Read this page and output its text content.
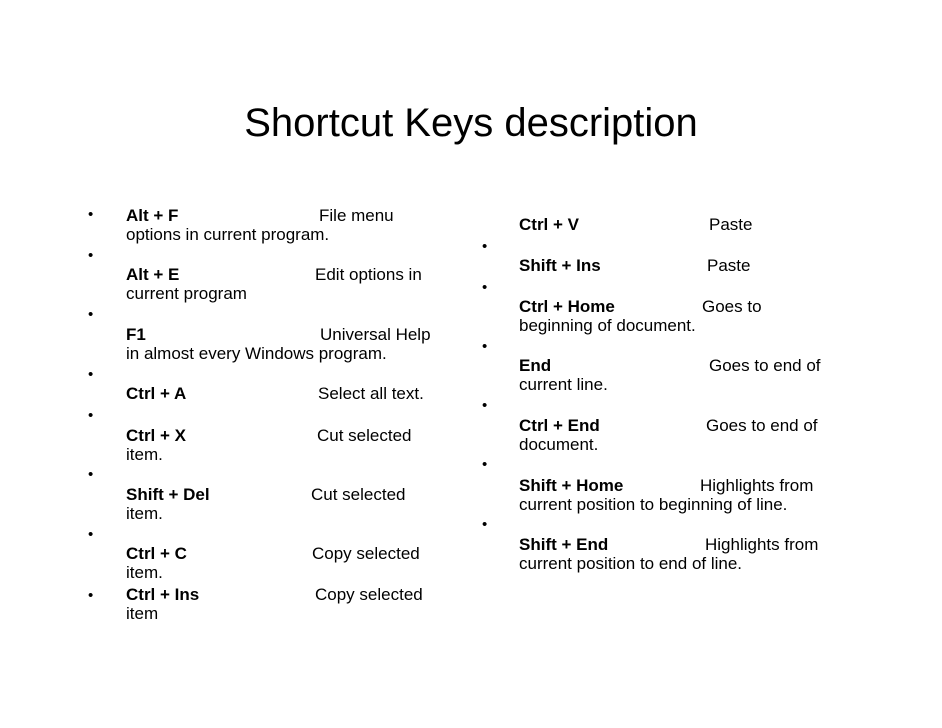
Shortcut Keys description
•
•
•
•
•
•
•
•
Alt + F	File menu
options in current program.
Alt + E	Edit options in
current program
F1	Universal Help
in almost every Windows program.
Ctrl + A	Select all text.
Ctrl + X	Cut selected
item.
Shift + Del	Cut selected
item.
Ctrl + C	Copy selected
item.
Ctrl + Ins	Copy selected
item
•
•
•
•
•
•
Ctrl + V	Paste
Shift + Ins	Paste
Ctrl + Home	Goes to
beginning of document.
End	Goes to end of
current line.
Ctrl + End	Goes to end of
document.
Shift + Home	Highlights from
current position to beginning of line.
Shift + End	Highlights from
current position to end of line.
